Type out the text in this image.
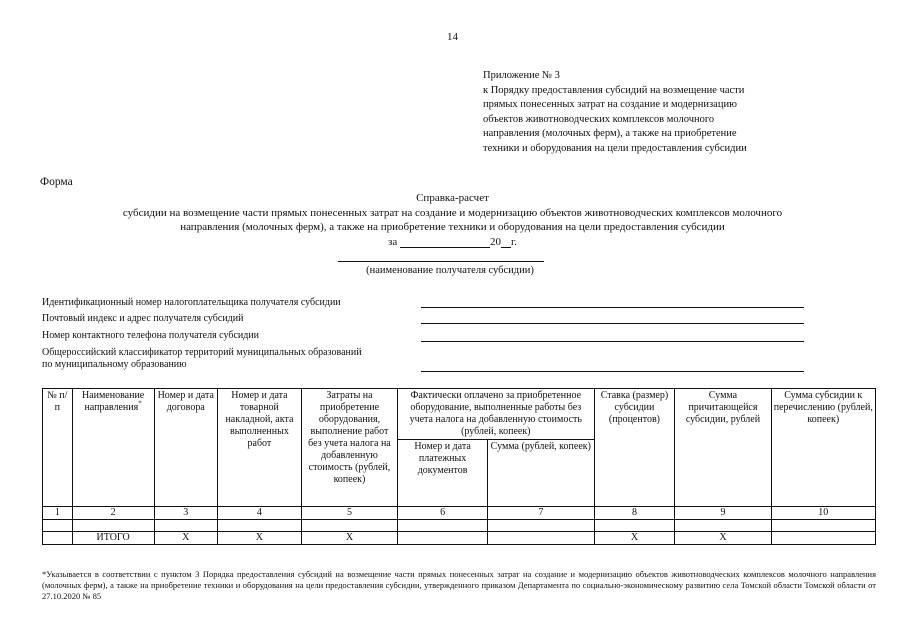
14
Приложение № 3
к Порядку предоставления субсидий на возмещение части
прямых понесенных затрат на создание и модернизацию
объектов животноводческих комплексов молочного
направления (молочных ферм), а также на приобретение
техники и оборудования на цели предоставления субсидии
Форма
Справка-расчет
субсидии на возмещение части прямых понесенных затрат на создание и модернизацию объектов животноводческих комплексов молочного
направления (молочных ферм), а также на приобретение техники и оборудования на цели предоставления субсидии
за	20 г.
(наименование получателя субсидии)
Идентификационный номер налогоплательщика получателя субсидии
Почтовый индекс и адрес получателя субсидий
Номер контактного телефона получателя субсидии
Общероссийский классификатор территорий муниципальных образований по муниципальному образованию
№ п/п	Наименование направления*	Номер и дата договора	Номер и дата товарной накладной, акта выполненных работ	Затраты на приобретение оборудования, выполнение работ без учета налога на добавленную стоимость (рублей, копеек)	Фактически оплачено за приобретенное оборудование, выполненные работы без учета налога на добавленную стоимость (рублей, копеек)		Ставка (размер) субсидии (процентов)	Сумма причитающейся субсидии, рублей	Сумма субсидии к перечислению (рублей, копеек)
					Номер и дата платежных документов	Сумма (рублей, копеек)			
1	2	3	4	5	6	7	8	9	10

	ИТОГО	Х	Х	Х			Х	Х	
*Указывается в соответствии с пунктом 3 Порядка предоставления субсидий на возмещение части прямых понесенных затрат на создание и модернизацию объектов животноводческих комплексов молочного направления (молочных ферм), а также на приобретение техники и оборудования на цели предоставления субсидии, утвержденного приказом Департамента по социально-экономическому развитию села Томской области Томской области от 27.10.2020 № 85
